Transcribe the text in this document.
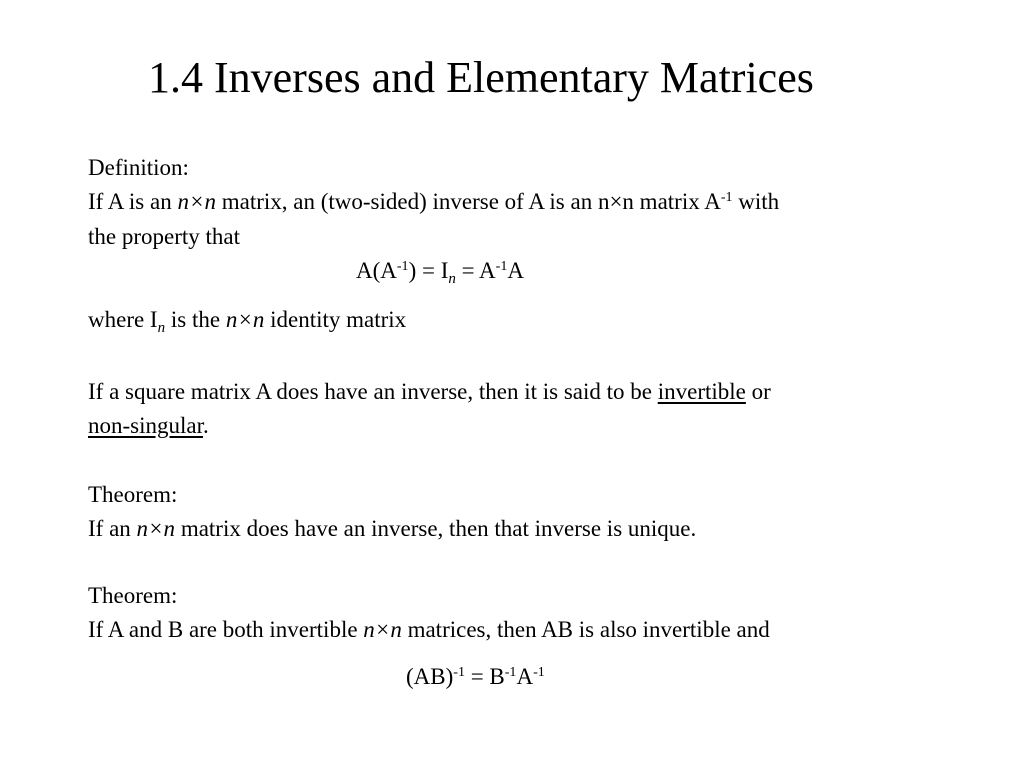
1.4 Inverses and Elementary Matrices
Definition:
If A is an n×n matrix, an (two-sided) inverse of A is an n×n matrix $A^{-1}$ with
the property that
$A(A^{-1}) = I_n = A^{-1}A$
where $I_n$ is the n×n identity matrix
If a square matrix A does have an inverse, then it is said to be invertible or
non-singular.
Theorem:
If an n×n matrix does have an inverse, then that inverse is unique.
Theorem:
If A and B are both invertible n×n matrices, then AB is also invertible and
$(AB)^{-1} = B^{-1}A^{-1}$
